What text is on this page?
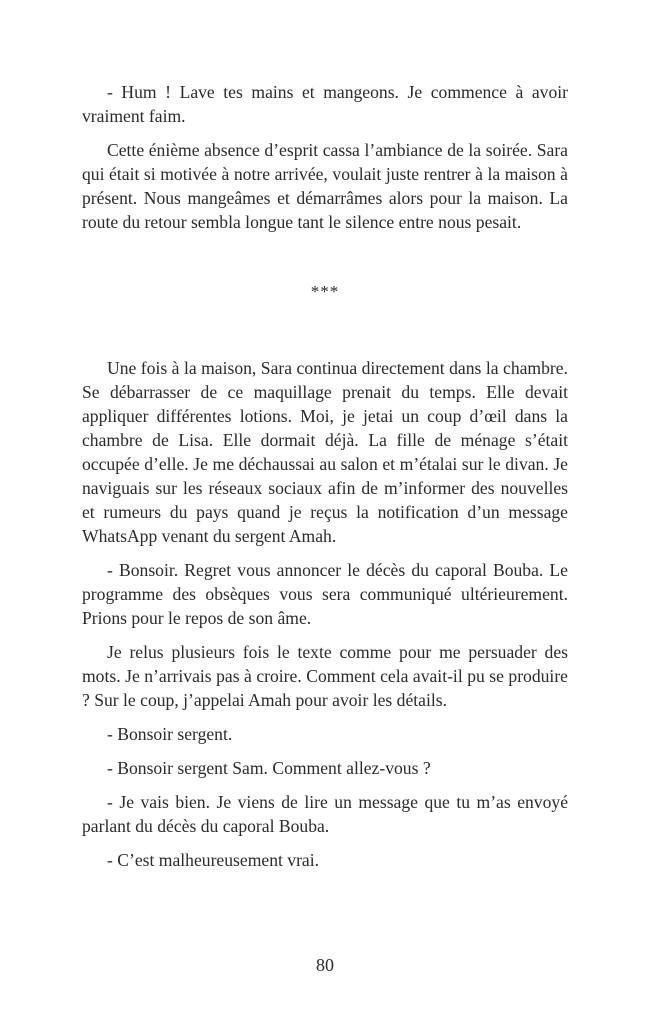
- Hum ! Lave tes mains et mangeons. Je commence à avoir vraiment faim.

Cette énième absence d’esprit cassa l’ambiance de la soirée. Sara qui était si motivée à notre arrivée, voulait juste rentrer à la maison à présent. Nous mangeâmes et démarrâmes alors pour la maison. La route du retour sembla longue tant le silence entre nous pesait.

***

Une fois à la maison, Sara continua directement dans la chambre. Se débarrasser de ce maquillage prenait du temps. Elle devait appliquer différentes lotions. Moi, je jetai un coup d’œil dans la chambre de Lisa. Elle dormait déjà. La fille de ménage s’était occupée d’elle. Je me déchaussai au salon et m’étalai sur le divan. Je naviguais sur les réseaux sociaux afin de m’informer des nouvelles et rumeurs du pays quand je reçus la notification d’un message WhatsApp venant du sergent Amah.

- Bonsoir. Regret vous annoncer le décès du caporal Bouba. Le programme des obsèques vous sera communiqué ultérieurement. Prions pour le repos de son âme.

Je relus plusieurs fois le texte comme pour me persuader des mots. Je n’arrivais pas à croire. Comment cela avait-il pu se produire ? Sur le coup, j’appelai Amah pour avoir les détails.

- Bonsoir sergent.

- Bonsoir sergent Sam. Comment allez-vous ?

- Je vais bien. Je viens de lire un message que tu m’as envoyé parlant du décès du caporal Bouba.

- C’est malheureusement vrai.

80
